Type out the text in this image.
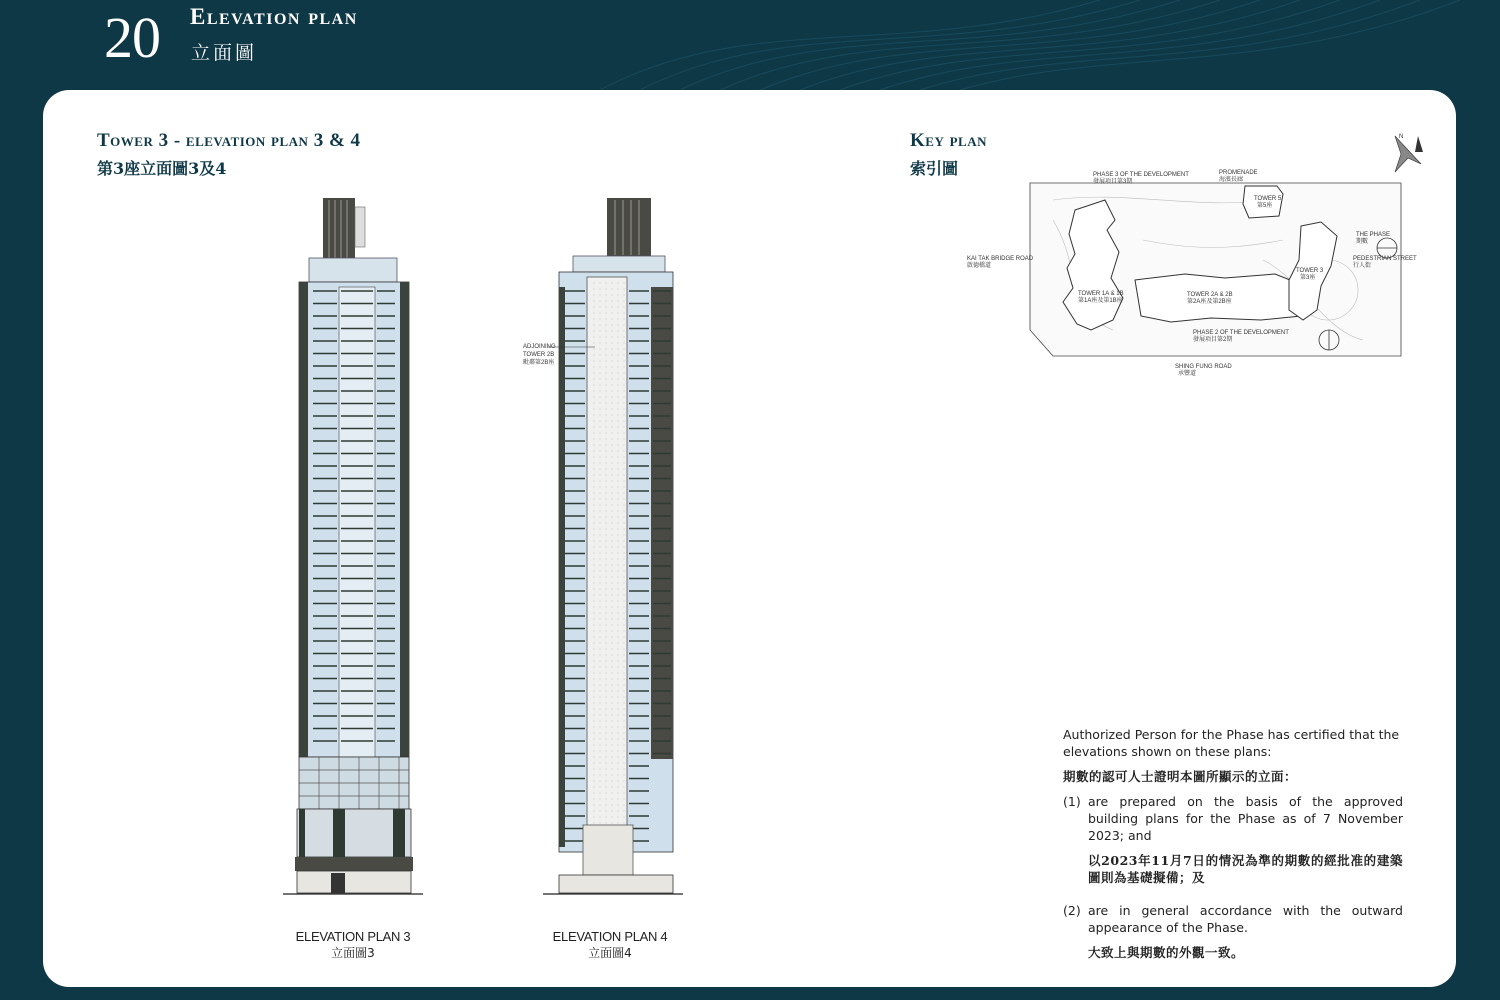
20 Elevation plan
立面圖
Tower 3 - elevation plan 3 & 4
第3座立面圖3及4
ELEVATION PLAN 3
立面圖3
ADJOINING
TOWER 2B
毗鄰第2B座
ELEVATION PLAN 4
立面圖4
Key plan
索引圖
N
PHASE 3 OF THE DEVELOPMENT
發展項目第3期
PROMENADE
海濱長廊
TOWER 5
第5座
THE PHASE
期數
KAI TAK BRIDGE ROAD
啟德橋道
PEDESTRIAN STREET
行人街
TOWER 3
第3座
TOWER 1A & 1B
第1A座及第1B座
TOWER 2A & 2B
第2A座及第2B座
PHASE 2 OF THE DEVELOPMENT
發展項目第2期
SHING FUNG ROAD
承豐道

Authorized Person for the Phase has certified that the elevations shown on these plans:

期數的認可人士證明本圖所顯示的立面：

(1) are prepared on the basis of the approved building plans for the Phase as of 7 November 2023; and

以2023年11月7日的情況為準的期數的經批准的建築圖則為基礎擬備；及

(2) are in general accordance with the outward appearance of the Phase.

大致上與期數的外觀一致。
